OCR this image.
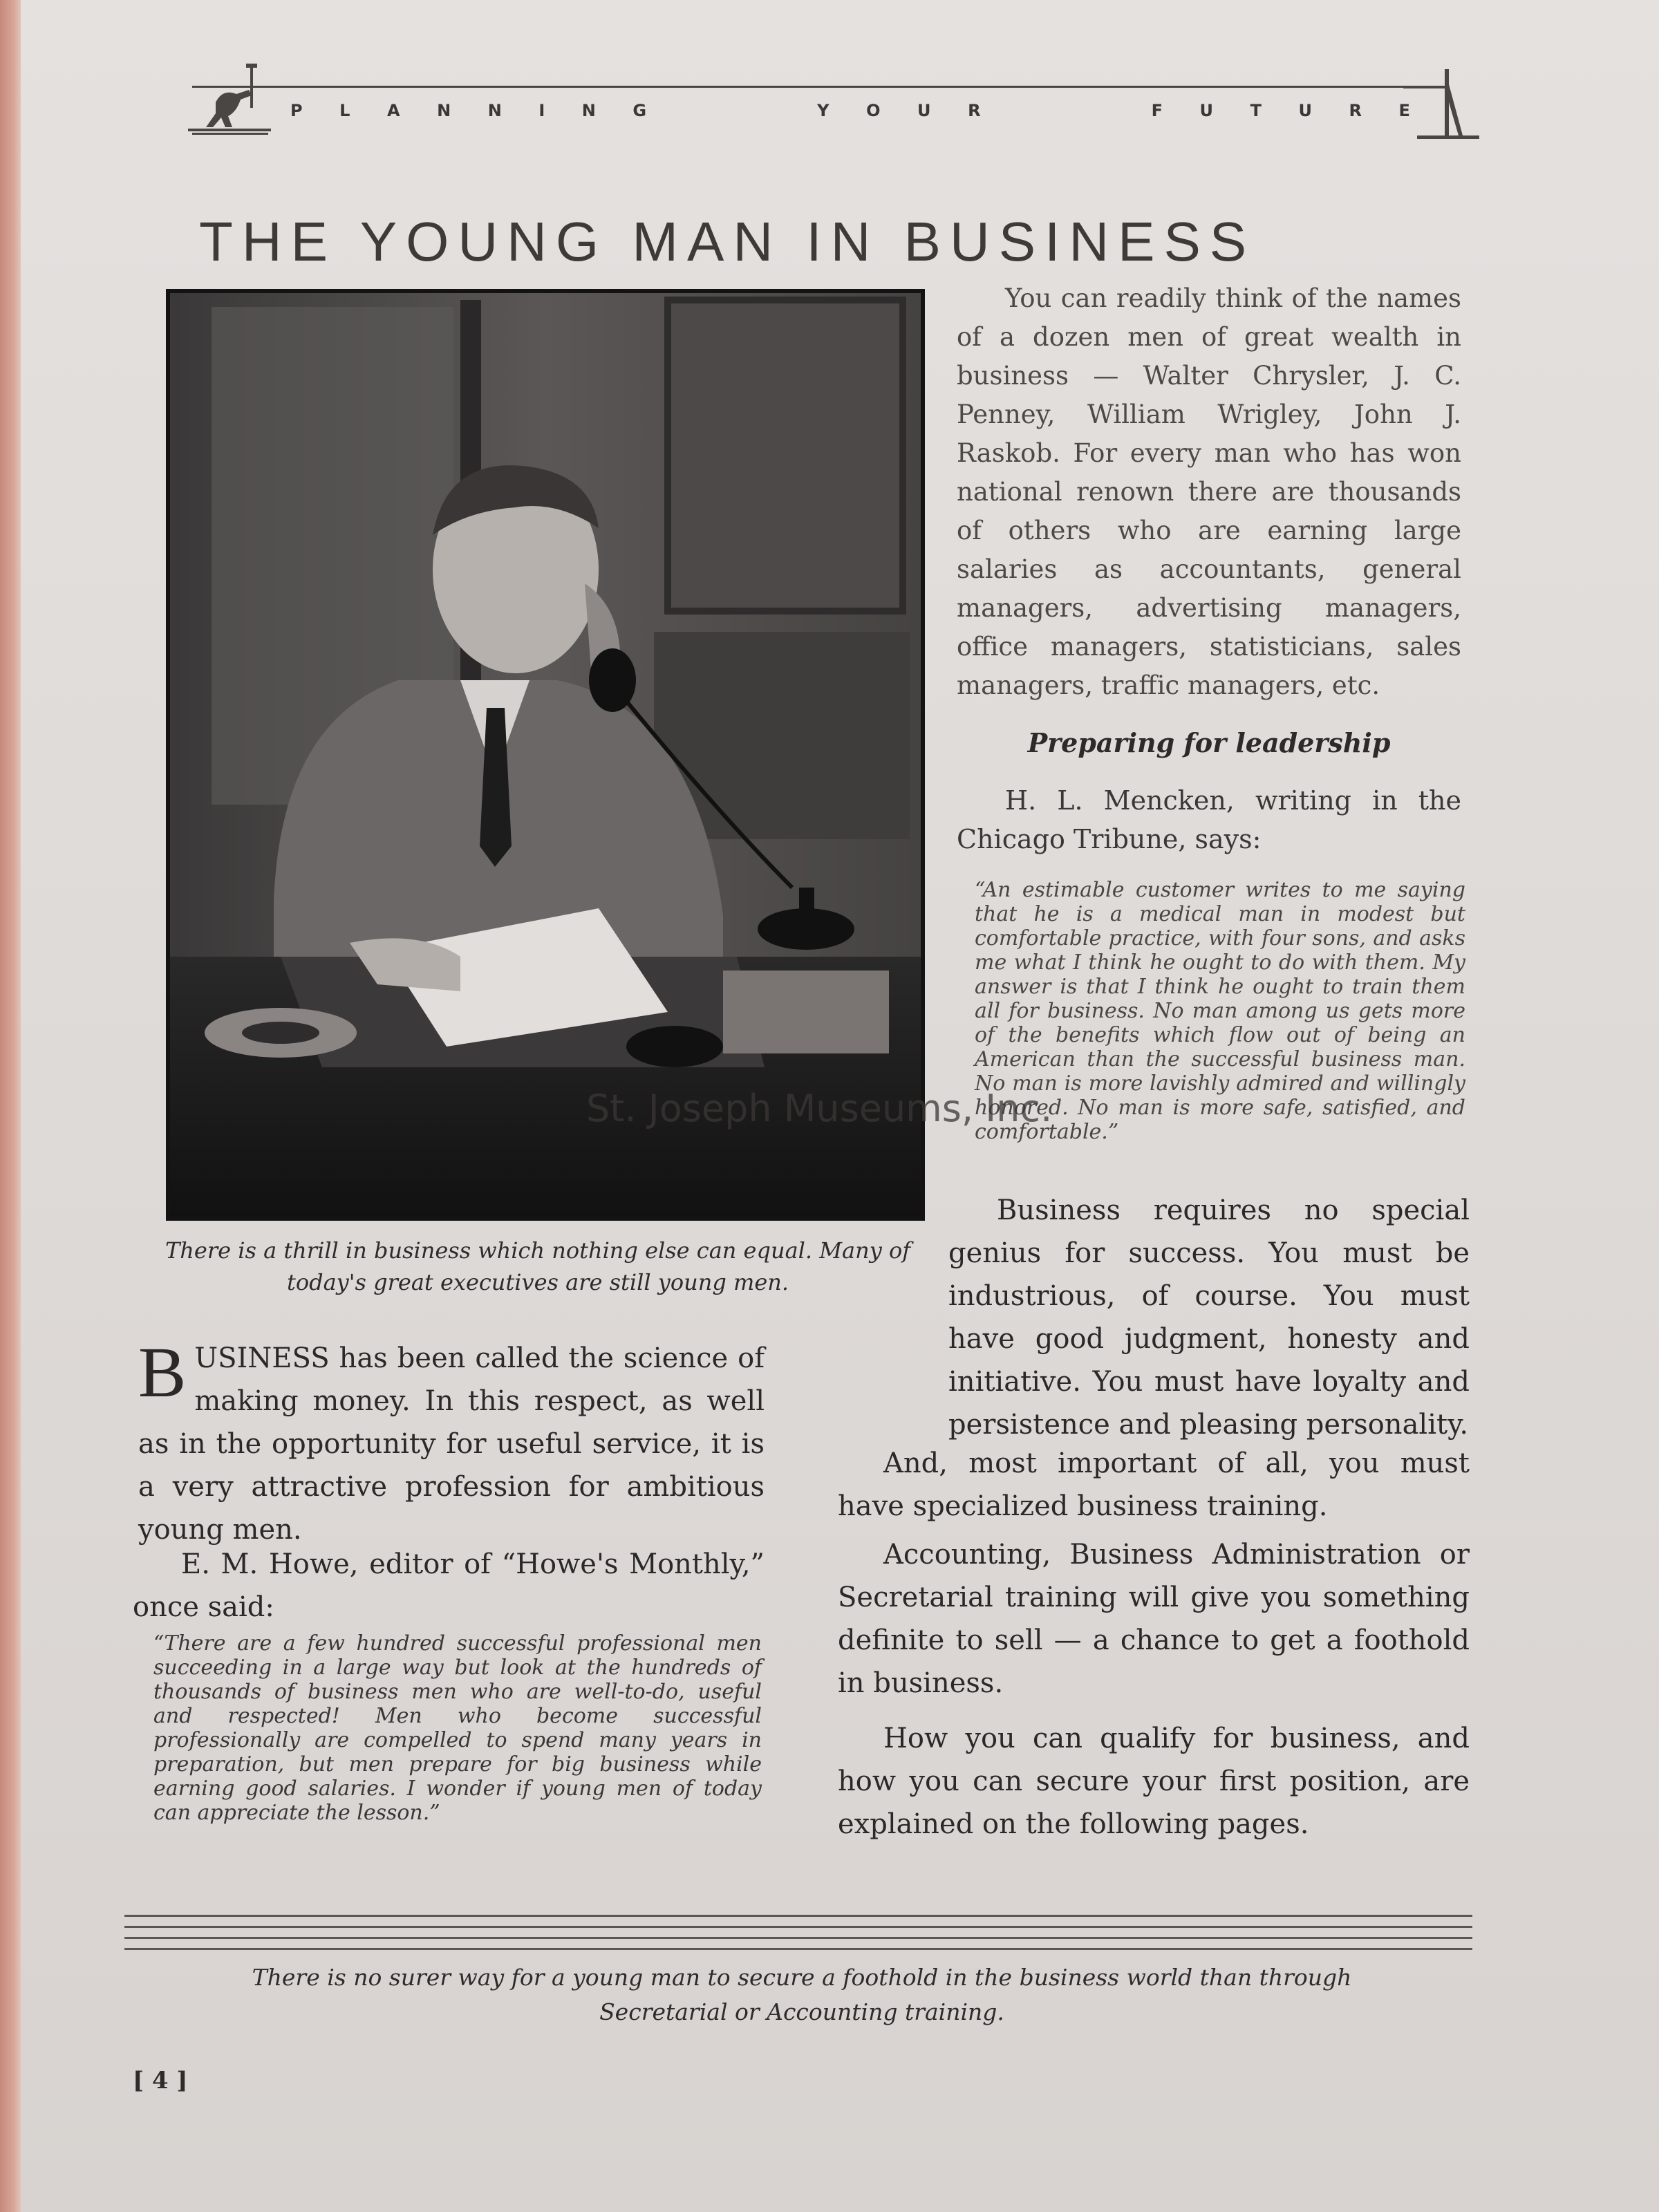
P L A N N I N G	Y O U R	F U T U R E
THE YOUNG MAN IN BUSINESS
There is a thrill in business which nothing else can equal. Many of today's great executives are still young men.

You can readily think of the names of a dozen men of great wealth in business — Walter Chrysler, J. C. Penney, William Wrigley, John J. Raskob. For every man who has won national renown there are thousands of others who are earning large salaries as accountants, general managers, advertising managers, office managers, statisticians, sales managers, traffic managers, etc.

Preparing for leadership

H. L. Mencken, writing in the Chicago Tribune, says:

“An estimable customer writes to me saying that he is a medical man in modest but comfortable practice, with four sons, and asks me what I think he ought to do with them. My answer is that I think he ought to train them all for business. No man among us gets more of the benefits which flow out of being an American than the successful business man. No man is more lavishly admired and willingly honored. No man is more safe, satisfied, and comfortable.”

Business requires no special genius for success. You must be industrious, of course. You must have good judgment, honesty and initiative. You must have loyalty and persistence and pleasing personality.

And, most important of all, you must have specialized business training.

Accounting, Business Administration or Secretarial training will give you something definite to sell — a chance to get a foothold in business.

How you can qualify for business, and how you can secure your first position, are explained on the following pages.

BUSINESS has been called the science of making money. In this respect, as well as in the opportunity for useful service, it is a very attractive profession for ambitious young men.

E. M. Howe, editor of “Howe's Monthly,” once said:

“There are a few hundred successful professional men succeeding in a large way but look at the hundreds of thousands of business men who are well-to-do, useful and respected! Men who become successful professionally are compelled to spend many years in preparation, but men prepare for big business while earning good salaries. I wonder if young men of today can appreciate the lesson.”

There is no surer way for a young man to secure a foothold in the business world than through Secretarial or Accounting training.
[ 4 ]
St. Joseph Museums, Inc.
